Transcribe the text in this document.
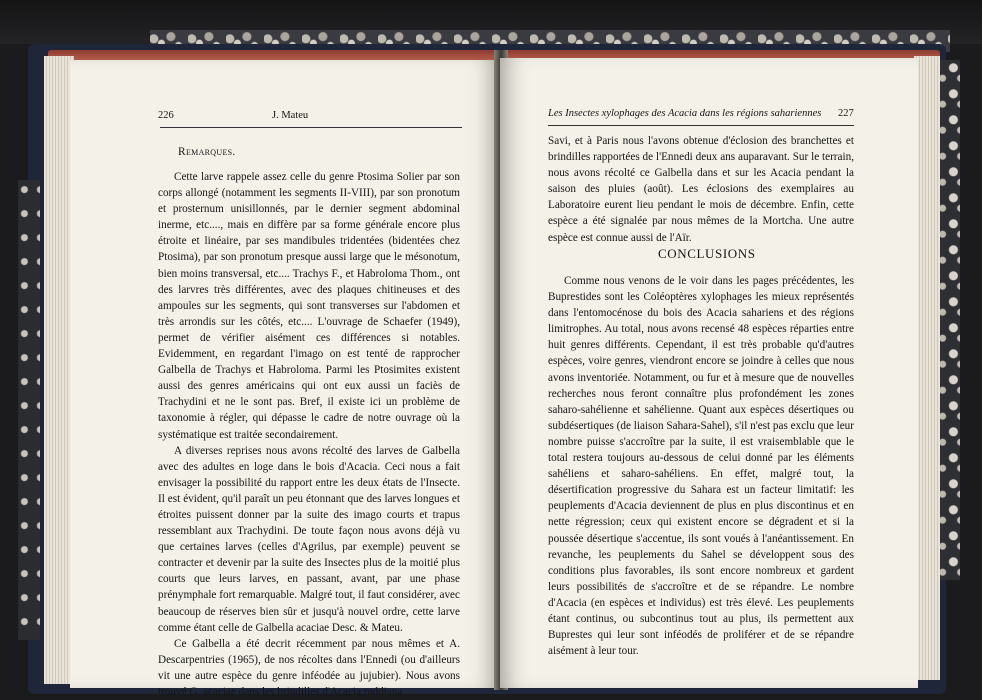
226	J. Mateu
Remarques.

Cette larve rappele assez celle du genre Ptosima Solier par son corps allongé (notamment les segments II-VIII), par son pronotum et prosternum unisillonnés, par le dernier segment abdominal inerme, etc...., mais en diffère par sa forme générale encore plus étroite et linéaire, par ses mandibules tridentées (bidentées chez Ptosima), par son pronotum presque aussi large que le mésonotum, bien moins transversal, etc.... Trachys F., et Habroloma Thom., ont des larvres très différentes, avec des plaques chitineuses et des ampoules sur les segments, qui sont transverses sur l'abdomen et très arrondis sur les côtés, etc.... L'ouvrage de Schaefer (1949), permet de vérifier aisément ces différences si notables. Evidemment, en regardant l'imago on est tenté de rapprocher Galbella de Trachys et Habroloma. Parmi les Ptosimites existent aussi des genres américains qui ont eux aussi un faciès de Trachydini et ne le sont pas. Bref, il existe ici un problème de taxonomie à régler, qui dépasse le cadre de notre ouvrage où la systématique est traitée secondairement.

A diverses reprises nous avons récolté des larves de Galbella avec des adultes en loge dans le bois d'Acacia. Ceci nous a fait envisager la possibilité du rapport entre les deux états de l'Insecte. Il est évident, qu'il paraît un peu étonnant que des larves longues et étroites puissent donner par la suite des imago courts et trapus ressemblant aux Trachydini. De toute façon nous avons déjà vu que certaines larves (celles d'Agrilus, par exemple) peuvent se contracter et devenir par la suite des Insectes plus de la moitié plus courts que leurs larves, en passant, avant, par une phase prénymphale fort remarquable. Malgré tout, il faut considérer, avec beaucoup de réserves bien sûr et jusqu'à nouvel ordre, cette larve comme étant celle de Galbella acaciae Desc. & Mateu.

Ce Galbella a été decrit récemment par nous mêmes et A. Descarpentries (1965), de nos récoltes dans l'Ennedi (ou d'ailleurs vit une autre espèce du genre inféodée au jujubier). Nous avons trouvé G. acaciae dans les brindilles d'Acacia raddiana

Les Insectes xylophages des Acacia dans les régions sahariennes 227

Savi, et à Paris nous l'avons obtenue d'éclosion des branchettes et brindilles rapportées de l'Ennedi deux ans auparavant. Sur le terrain, nous avons récolté ce Galbella dans et sur les Acacia pendant la saison des pluies (août). Les éclosions des exemplaires au Laboratoire eurent lieu pendant le mois de décembre. Enfin, cette espèce a été signalée par nous mêmes de la Mortcha. Une autre espèce est connue aussi de l'Aïr.

CONCLUSIONS

Comme nous venons de le voir dans les pages précédentes, les Buprestides sont les Coléoptères xylophages les mieux représentés dans l'entomocénose du bois des Acacia sahariens et des régions limitrophes. Au total, nous avons recensé 48 espèces réparties entre huit genres différents. Cependant, il est très probable qu'd'autres espèces, voire genres, viendront encore se joindre à celles que nous avons inventoriée. Notamment, ou fur et à mesure que de nouvelles recherches nous feront connaître plus profondément les zones saharo-sahélienne et sahélienne. Quant aux espèces désertiques ou subdésertiques (de liaison Sahara-Sahel), s'il n'est pas exclu que leur nombre puisse s'accroître par la suite, il est vraisemblable que le total restera toujours au-dessous de celui donné par les éléments sahéliens et saharo-sahéliens. En effet, malgré tout, la désertification progressive du Sahara est un facteur limitatif: les peuplements d'Acacia deviennent de plus en plus discontinus et en nette régression; ceux qui existent encore se dégradent et si la poussée désertique s'accentue, ils sont voués à l'anéantissement. En revanche, les peuplements du Sahel se développent sous des conditions plus favorables, ils sont encore nombreux et gardent leurs possibilités de s'accroître et de se répandre. Le nombre d'Acacia (en espèces et individus) est très élevé. Les peuplements étant continus, ou subcontinus tout au plus, ils permettent aux Buprestes qui leur sont inféodés de proliférer et de se répandre aisément à leur tour.
